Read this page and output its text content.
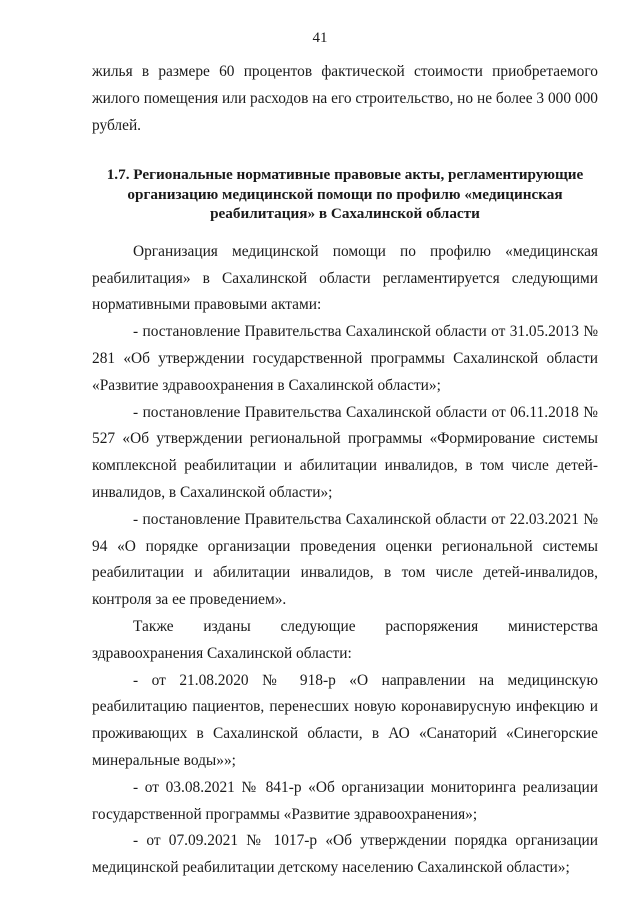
41

жилья в размере 60 процентов фактической стоимости приобретаемого жилого помещения или расходов на его строительство, но не более 3 000 000 рублей.

1.7. Региональные нормативные правовые акты, регламентирующие организацию медицинской помощи по профилю «медицинская реабилитация» в Сахалинской области

Организация медицинской помощи по профилю «медицинская реабилитация» в Сахалинской области регламентируется следующими нормативными правовыми актами:

- постановление Правительства Сахалинской области от 31.05.2013 № 281 «Об утверждении государственной программы Сахалинской области «Развитие здравоохранения в Сахалинской области»;

- постановление Правительства Сахалинской области от 06.11.2018 № 527 «Об утверждении региональной программы «Формирование системы комплексной реабилитации и абилитации инвалидов, в том числе детей-инвалидов, в Сахалинской области»;

- постановление Правительства Сахалинской области от 22.03.2021 № 94 «О порядке организации проведения оценки региональной системы реабилитации и абилитации инвалидов, в том числе детей-инвалидов, контроля за ее проведением».

Также изданы следующие распоряжения министерства здравоохранения Сахалинской области:

- от 21.08.2020 № 918-р «О направлении на медицинскую реабилитацию пациентов, перенесших новую коронавирусную инфекцию и проживающих в Сахалинской области, в АО «Санаторий «Синегорские минеральные воды»»;

- от 03.08.2021 № 841-р «Об организации мониторинга реализации государственной программы «Развитие здравоохранения»;

- от 07.09.2021 № 1017-р «Об утверждении порядка организации медицинской реабилитации детскому населению Сахалинской области»;
